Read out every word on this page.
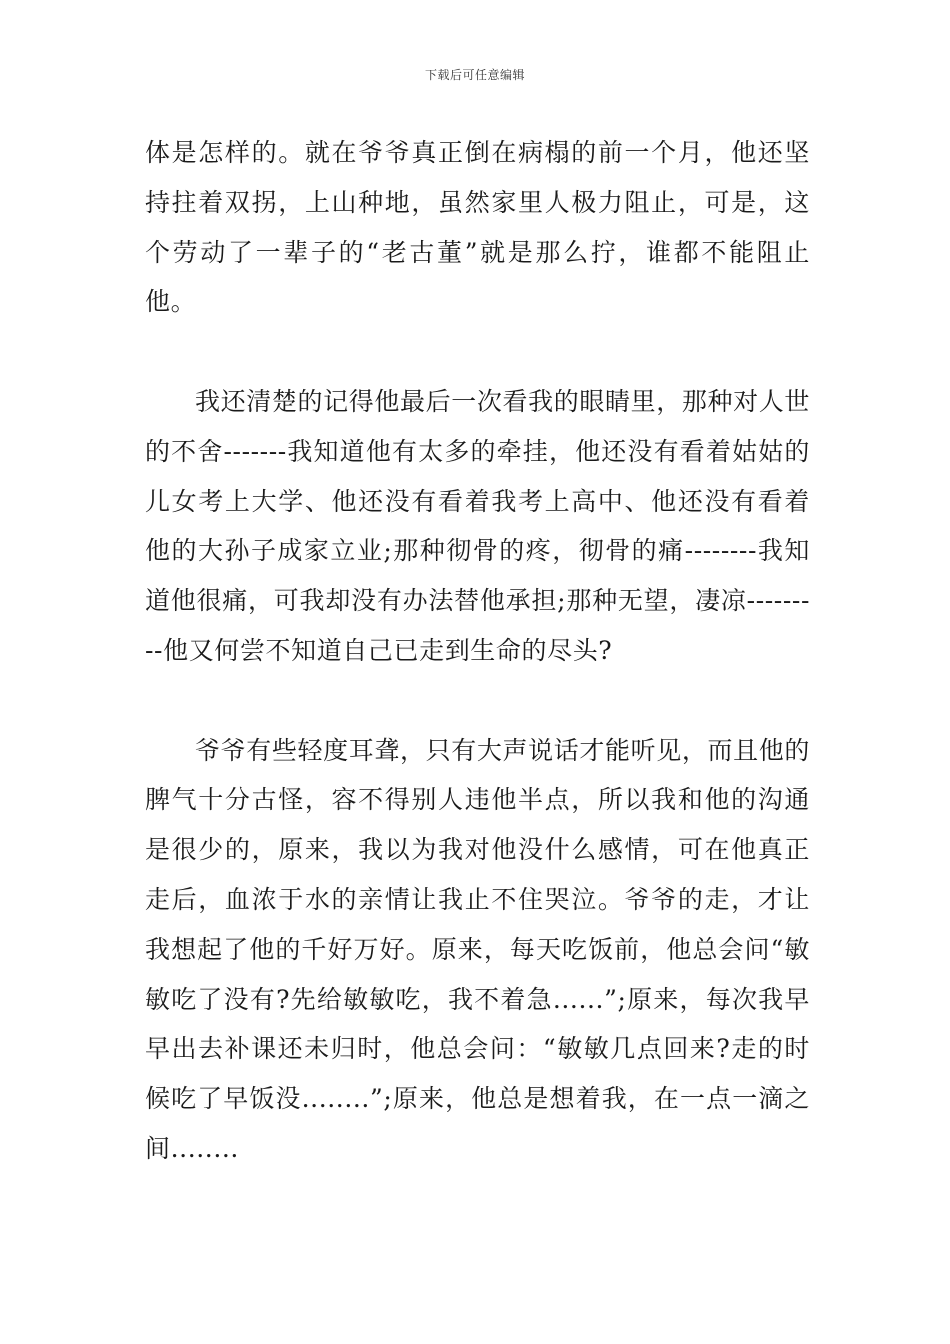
下载后可任意编辑

体是怎样的。就在爷爷真正倒在病榻的前一个月，他还坚持拄着双拐，上山种地，虽然家里人极力阻止，可是，这个劳动了一辈子的“老古董”就是那么拧，谁都不能阻止他。

我还清楚的记得他最后一次看我的眼睛里，那种对人世的不舍-------我知道他有太多的牵挂，他还没有看着姑姑的儿女考上大学、他还没有看着我考上高中、他还没有看着他的大孙子成家立业;那种彻骨的疼，彻骨的痛--------我知道他很痛，可我却没有办法替他承担;那种无望，凄凉---------他又何尝不知道自己已走到生命的尽头?

爷爷有些轻度耳聋，只有大声说话才能听见，而且他的脾气十分古怪，容不得别人违他半点，所以我和他的沟通是很少的，原来，我以为我对他没什么感情，可在他真正走后，血浓于水的亲情让我止不住哭泣。爷爷的走，才让我想起了他的千好万好。原来，每天吃饭前，他总会问“敏敏吃了没有?先给敏敏吃，我不着急......”;原来，每次我早早出去补课还未归时，他总会问：“敏敏几点回来?走的时候吃了早饭没........”;原来，他总是想着我，在一点一滴之间........
